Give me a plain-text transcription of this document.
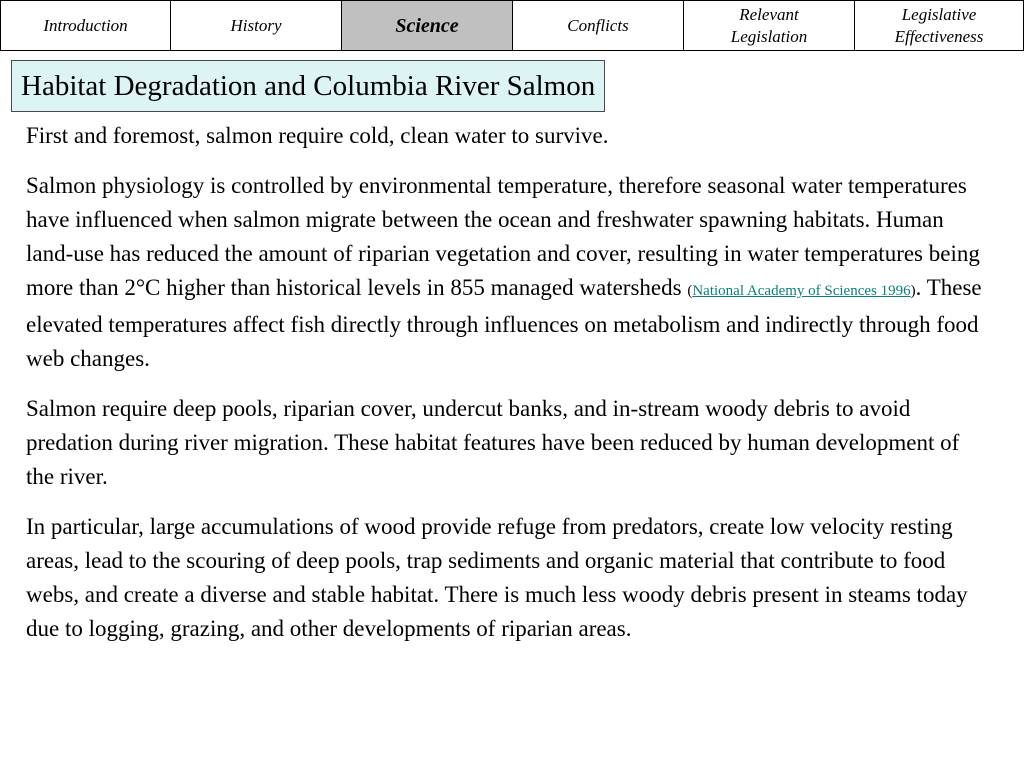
Introduction	History	Science	Conflicts
Relevant
Legislation
Legislative
Effectiveness
Habitat Degradation and Columbia River Salmon

First and foremost, salmon require cold, clean water to survive.

Salmon physiology is controlled by environmental temperature, therefore seasonal water temperatures have influenced when salmon migrate between the ocean and freshwater spawning habitats. Human land-use has reduced the amount of riparian vegetation and cover, resulting in water temperatures being more than 2°C higher than historical levels in 855 managed watersheds (National Academy of Sciences 1996). These elevated temperatures affect fish directly through influences on metabolism and indirectly through food web changes.

Salmon require deep pools, riparian cover, undercut banks, and in-stream woody debris to avoid predation during river migration. These habitat features have been reduced by human development of the river.

In particular, large accumulations of wood provide refuge from predators, create low velocity resting areas, lead to the scouring of deep pools, trap sediments and organic material that contribute to food webs, and create a diverse and stable habitat. There is much less woody debris present in steams today due to logging, grazing, and other developments of riparian areas.
